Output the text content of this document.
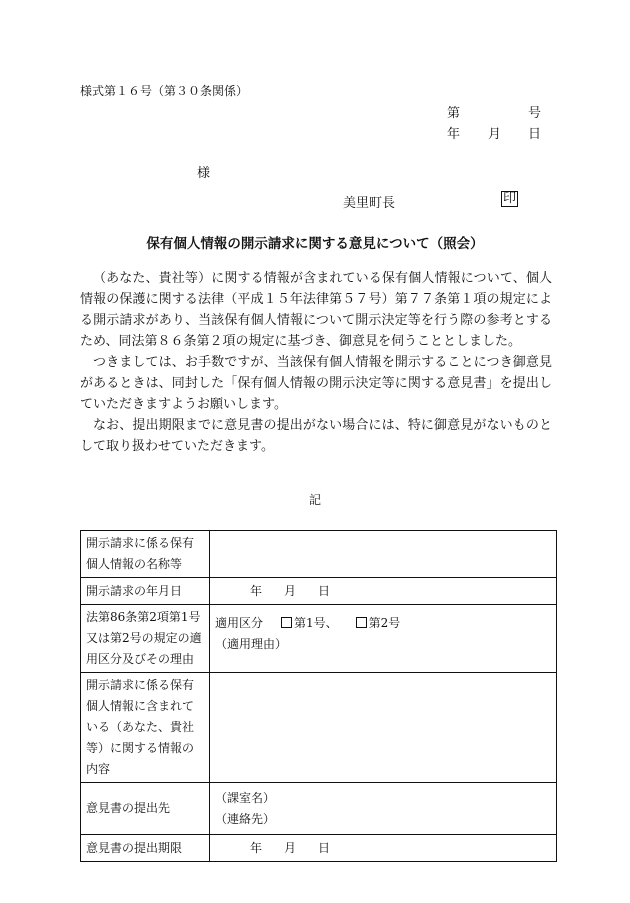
様式第１６号（第３０条関係）
第	号
年 月 日
様
美里町長	印
保有個人情報の開示請求に関する意見について（照会）

（あなた、貴社等）に関する情報が含まれている保有個人情報について、個人情報の保護に関する法律（平成１５年法律第５７号）第７７条第１項の規定による開示請求があり、当該保有個人情報について開示決定等を行う際の参考とするため、同法第８６条第２項の規定に基づき、御意見を伺うこととしました。

つきましては、お手数ですが、当該保有個人情報を開示することにつき御意見があるときは、同封した「保有個人情報の開示決定等に関する意見書」を提出していただきますようお願いします。

なお、提出期限までに意見書の提出がない場合には、特に御意見がないものとして取り扱わせていただきます。

記
開示請求に係る保有個人情報の名称等	
開示請求の年月日	年 月 日
法第86条第2項第1号又は第2号の規定の適用区分及びその理由	適用区分 第1号、 第2号
（適用理由）

開示請求に係る保有個人情報に含まれている（あなた、貴社等）に関する情報の内容	
意見書の提出先	（課室名）
（連絡先）

意見書の提出期限	年 月 日
